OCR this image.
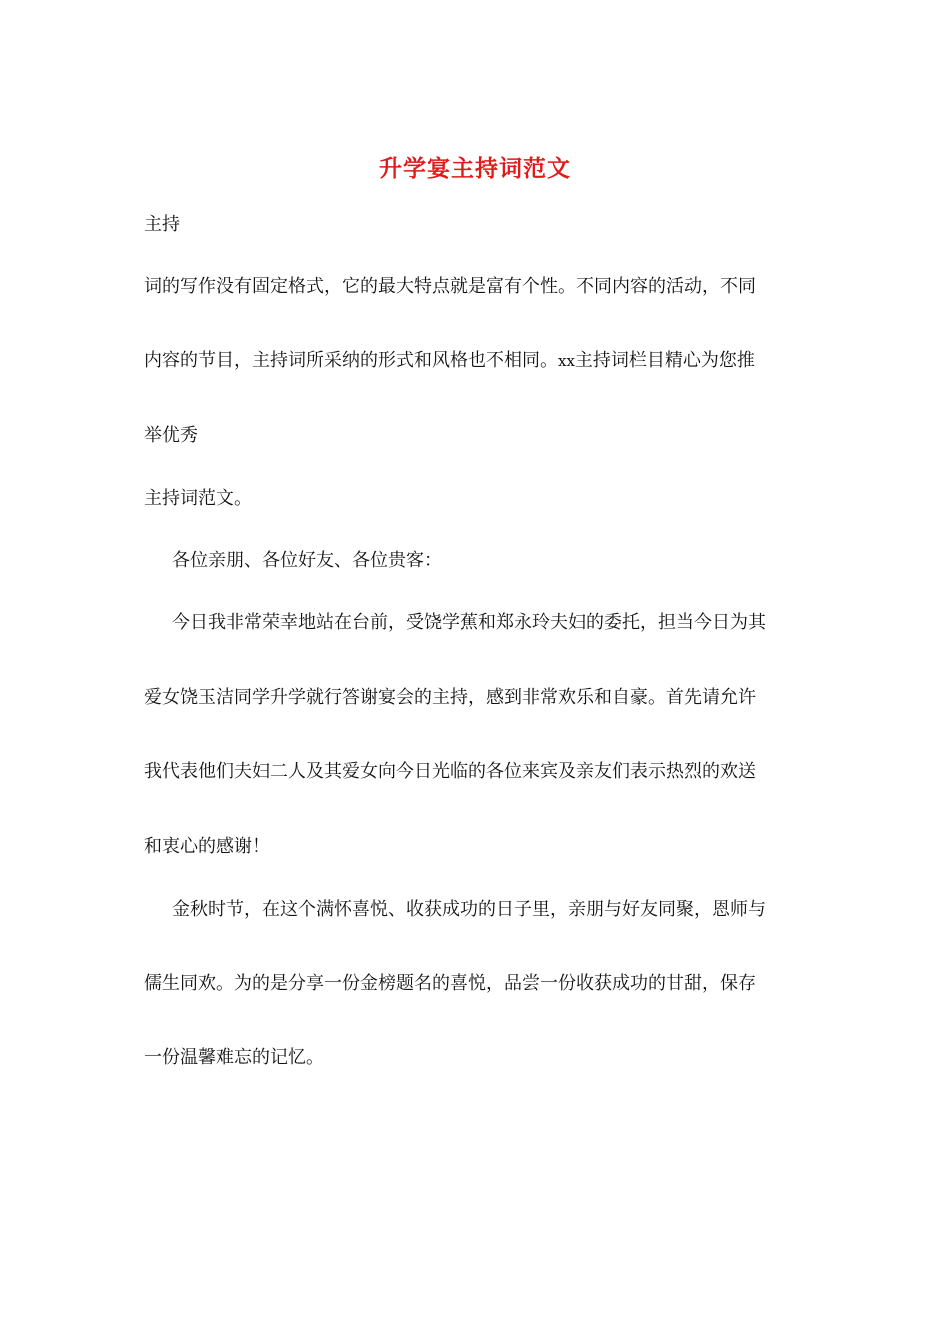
升学宴主持词范文
主持
词的写作没有固定格式，它的最大特点就是富有个性。不同内容的活动，不同
内容的节目，主持词所采纳的形式和风格也不相同。xx主持词栏目精心为您推
举优秀
主持词范文。
各位亲朋、各位好友、各位贵客：
今日我非常荣幸地站在台前，受饶学蕉和郑永玲夫妇的委托，担当今日为其
爱女饶玉洁同学升学就行答谢宴会的主持，感到非常欢乐和自豪。首先请允许
我代表他们夫妇二人及其爱女向今日光临的各位来宾及亲友们表示热烈的欢送
和衷心的感谢！
金秋时节，在这个满怀喜悦、收获成功的日子里，亲朋与好友同聚，恩师与
儒生同欢。为的是分享一份金榜题名的喜悦，品尝一份收获成功的甘甜，保存
一份温馨难忘的记忆。
